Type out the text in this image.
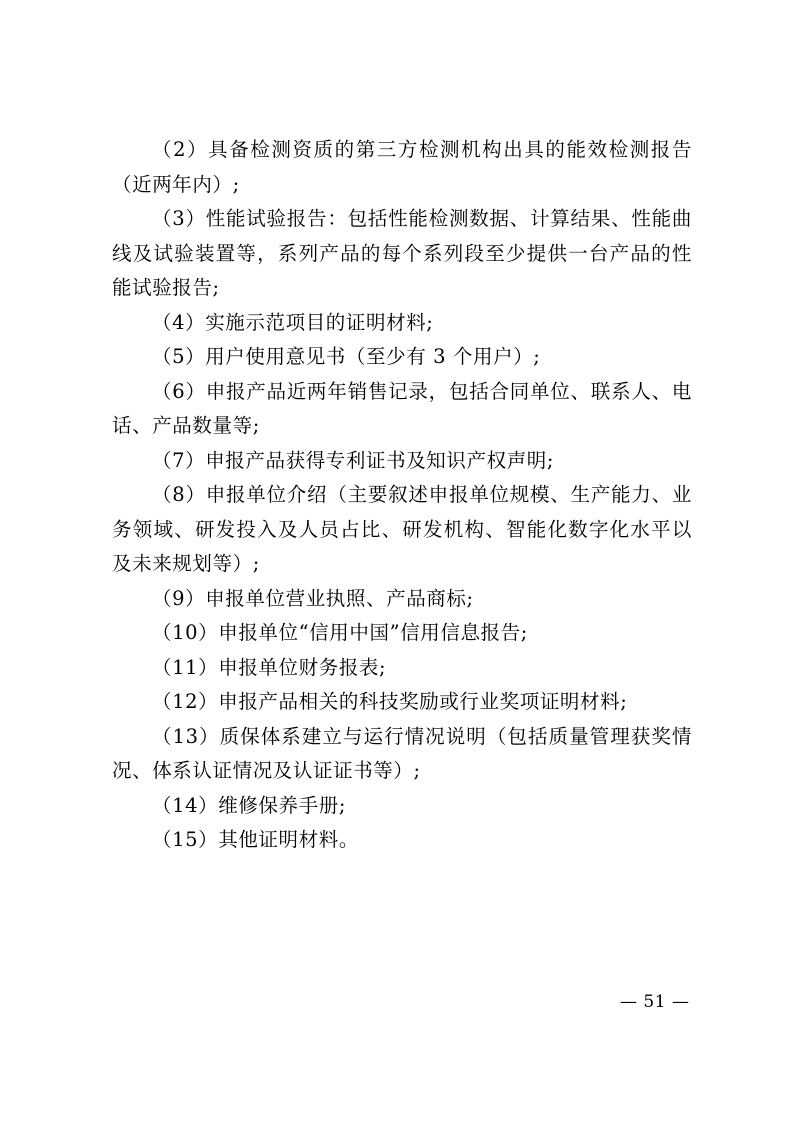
（2）具备检测资质的第三方检测机构出具的能效检测报告（近两年内）;

（3）性能试验报告：包括性能检测数据、计算结果、性能曲线及试验装置等，系列产品的每个系列段至少提供一台产品的性能试验报告;

（4）实施示范项目的证明材料;

（5）用户使用意见书（至少有 3 个用户）;

（6）申报产品近两年销售记录，包括合同单位、联系人、电话、产品数量等;

（7）申报产品获得专利证书及知识产权声明;

（8）申报单位介绍（主要叙述申报单位规模、生产能力、业务领域、研发投入及人员占比、研发机构、智能化数字化水平以及未来规划等）;

（9）申报单位营业执照、产品商标;

（10）申报单位“信用中国”信用信息报告;

（11）申报单位财务报表;

（12）申报产品相关的科技奖励或行业奖项证明材料;

（13）质保体系建立与运行情况说明（包括质量管理获奖情况、体系认证情况及认证证书等）;

（14）维修保养手册;

（15）其他证明材料。

— 51 —
